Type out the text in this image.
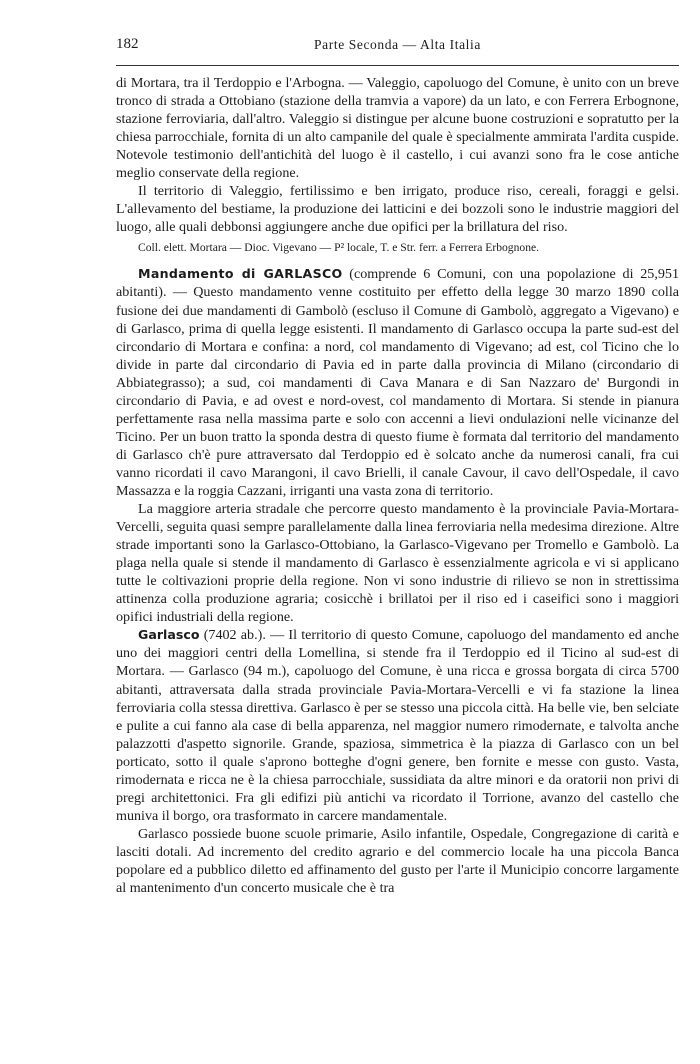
182	Parte Seconda — Alta Italia

di Mortara, tra il Terdoppio e l'Arbogna. — Valeggio, capoluogo del Comune, è unito con un breve tronco di strada a Ottobiano (stazione della tramvia a vapore) da un lato, e con Ferrera Erbognone, stazione ferroviaria, dall'altro. Valeggio si distingue per alcune buone costruzioni e sopratutto per la chiesa parrocchiale, fornita di un alto campanile del quale è specialmente ammirata l'ardita cuspide. Notevole testimonio dell'antichità del luogo è il castello, i cui avanzi sono fra le cose antiche meglio conservate della regione.

Il territorio di Valeggio, fertilissimo e ben irrigato, produce riso, cereali, foraggi e gelsi. L'allevamento del bestiame, la produzione dei latticini e dei bozzoli sono le industrie maggiori del luogo, alle quali debbonsi aggiungere anche due opifici per la brillatura del riso.

Coll. elett. Mortara — Dioc. Vigevano — P² locale, T. e Str. ferr. a Ferrera Erbognone.

Mandamento di GARLASCO (comprende 6 Comuni, con una popolazione di 25,951 abitanti). — Questo mandamento venne costituito per effetto della legge 30 marzo 1890 colla fusione dei due mandamenti di Gambolò (escluso il Comune di Gambolò, aggregato a Vigevano) e di Garlasco, prima di quella legge esistenti. Il mandamento di Garlasco occupa la parte sud-est del circondario di Mortara e confina: a nord, col mandamento di Vigevano; ad est, col Ticino che lo divide in parte dal circondario di Pavia ed in parte dalla provincia di Milano (circondario di Abbiategrasso); a sud, coi mandamenti di Cava Manara e di San Nazzaro de' Burgondi in circondario di Pavia, e ad ovest e nord-ovest, col mandamento di Mortara. Si stende in pianura perfettamente rasa nella massima parte e solo con accenni a lievi ondulazioni nelle vicinanze del Ticino. Per un buon tratto la sponda destra di questo fiume è formata dal territorio del mandamento di Garlasco ch'è pure attraversato dal Terdoppio ed è solcato anche da numerosi canali, fra cui vanno ricordati il cavo Marangoni, il cavo Brielli, il canale Cavour, il cavo dell'Ospedale, il cavo Massazza e la roggia Cazzani, irriganti una vasta zona di territorio.

La maggiore arteria stradale che percorre questo mandamento è la provinciale Pavia-Mortara-Vercelli, seguita quasi sempre parallelamente dalla linea ferroviaria nella medesima direzione. Altre strade importanti sono la Garlasco-Ottobiano, la Garlasco-Vigevano per Tromello e Gambolò. La plaga nella quale si stende il mandamento di Garlasco è essenzialmente agricola e vi si applicano tutte le coltivazioni proprie della regione. Non vi sono industrie di rilievo se non in strettissima attinenza colla produzione agraria; cosicchè i brillatoi per il riso ed i caseifici sono i maggiori opifici industriali della regione.

Garlasco (7402 ab.). — Il territorio di questo Comune, capoluogo del mandamento ed anche uno dei maggiori centri della Lomellina, si stende fra il Terdoppio ed il Ticino al sud-est di Mortara. — Garlasco (94 m.), capoluogo del Comune, è una ricca e grossa borgata di circa 5700 abitanti, attraversata dalla strada provinciale Pavia-Mortara-Vercelli e vi fa stazione la linea ferroviaria colla stessa direttiva. Garlasco è per se stesso una piccola città. Ha belle vie, ben selciate e pulite a cui fanno ala case di bella apparenza, nel maggior numero rimodernate, e talvolta anche palazzotti d'aspetto signorile. Grande, spaziosa, simmetrica è la piazza di Garlasco con un bel porticato, sotto il quale s'aprono botteghe d'ogni genere, ben fornite e messe con gusto. Vasta, rimodernata e ricca ne è la chiesa parrocchiale, sussidiata da altre minori e da oratorii non privi di pregi architettonici. Fra gli edifizi più antichi va ricordato il Torrione, avanzo del castello che muniva il borgo, ora trasformato in carcere mandamentale.

Garlasco possiede buone scuole primarie, Asilo infantile, Ospedale, Congregazione di carità e lasciti dotali. Ad incremento del credito agrario e del commercio locale ha una piccola Banca popolare ed a pubblico diletto ed affinamento del gusto per l'arte il Municipio concorre largamente al mantenimento d'un concerto musicale che è tra
